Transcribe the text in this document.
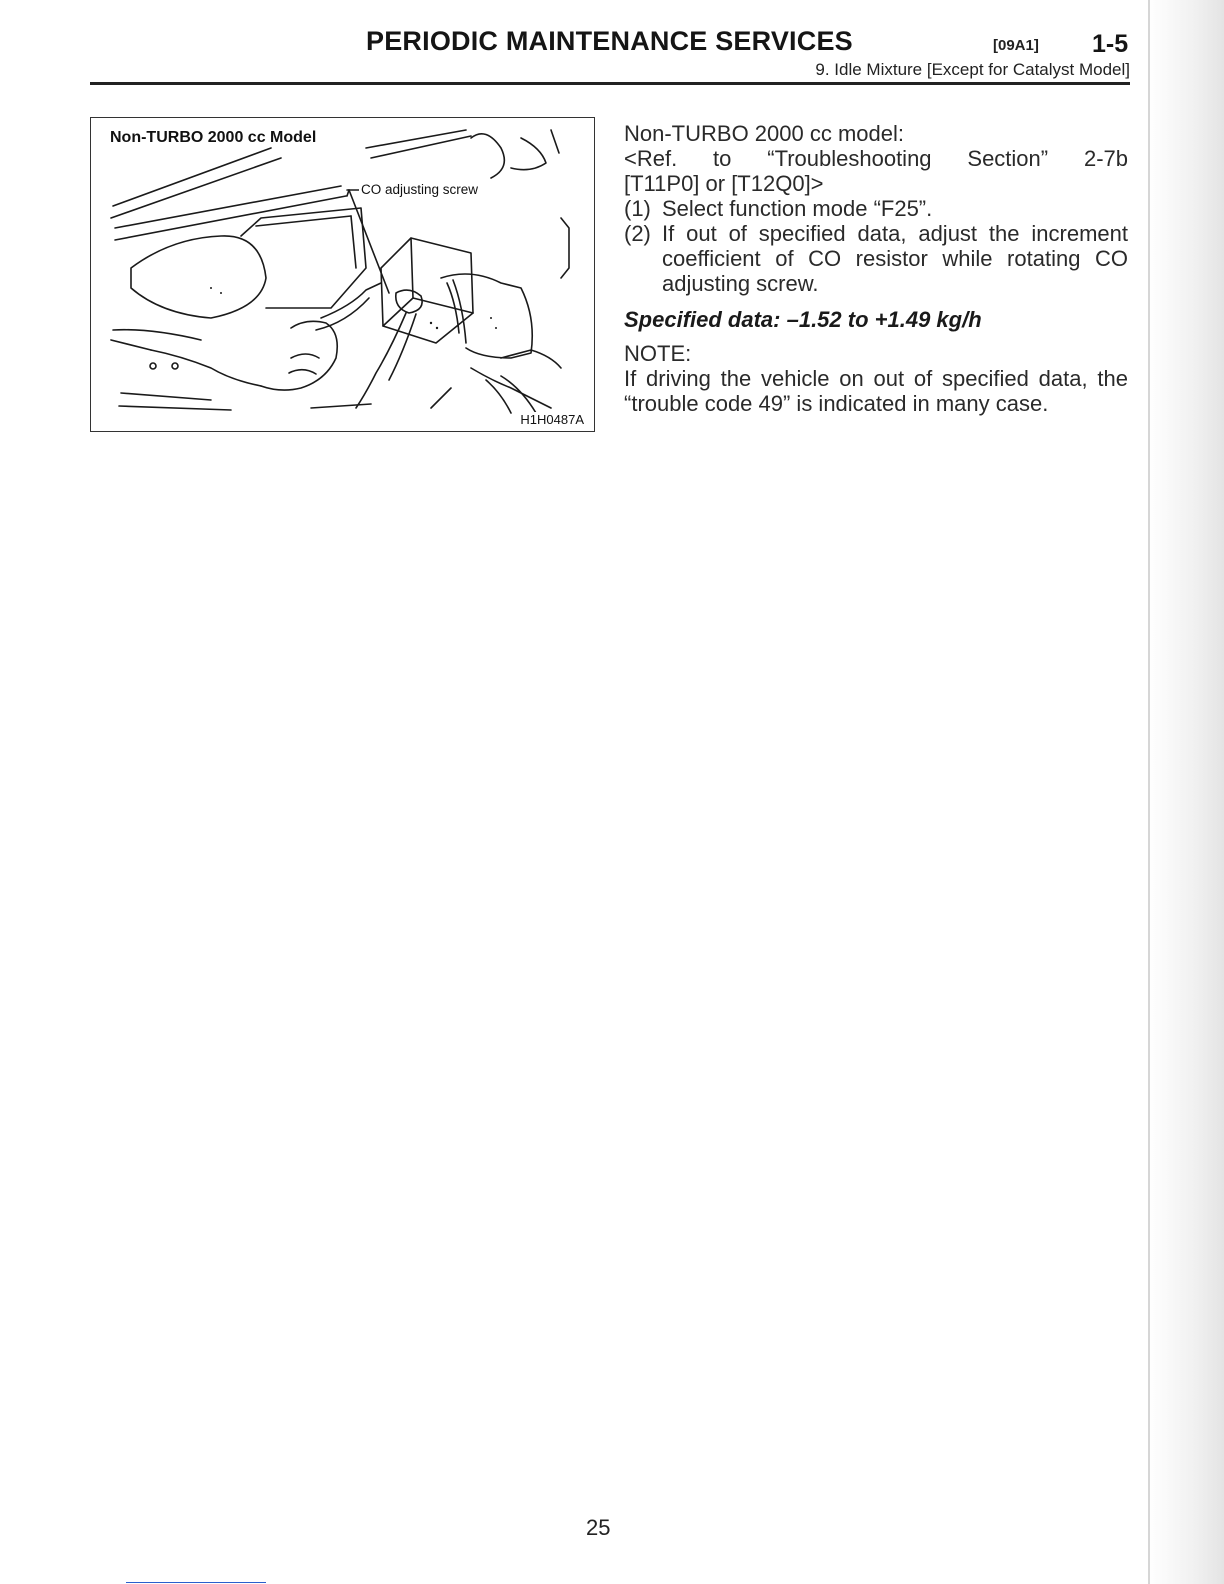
PERIODIC MAINTENANCE SERVICES	[09A1] 1-5
9. Idle Mixture [Except for Catalyst Model]
Non-TURBO 2000 cc Model
CO adjusting screw
H1H0487A

Non-TURBO 2000 cc model:

<Ref. to “Troubleshooting Section” 2-7b

[T11P0] or [T12Q0]>

(1) Select function mode “F25”.

(2) If out of specified data, adjust the increment coefficient of CO resistor while rotating CO adjusting screw.

Specified data: –1.52 to +1.49 kg/h

NOTE:

If driving the vehicle on out of specified data, the “trouble code 49” is indicated in many case.

25
